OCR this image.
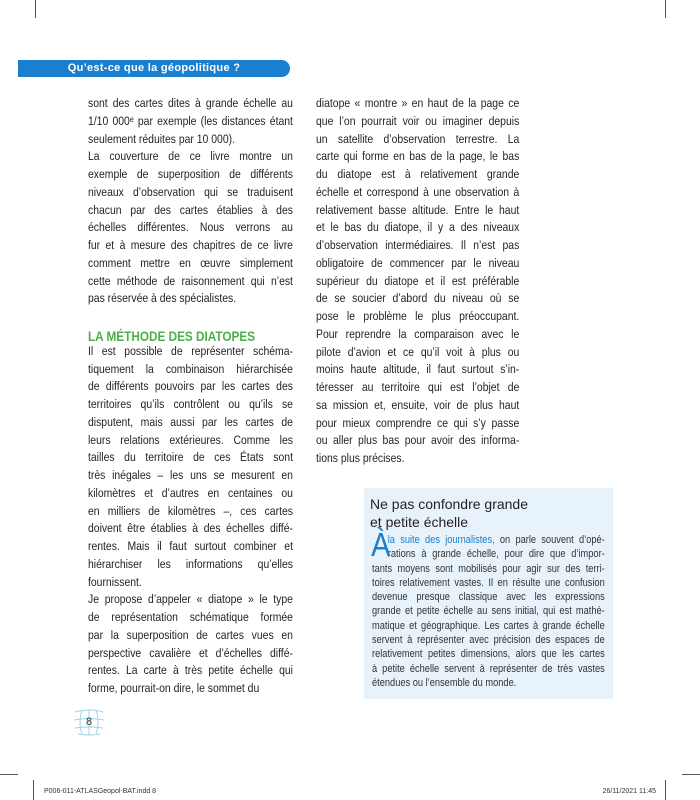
Qu’est-ce que la géopolitique ?
sont des cartes dites à grande échelle au
1/10 000ᵉ par exemple (les distances étant
seulement réduites par 10 000).
La couverture de ce livre montre un
exemple de superposition de différents
niveaux d’observation qui se traduisent
chacun par des cartes établies à des
échelles différentes. Nous verrons au
fur et à mesure des chapitres de ce livre
comment mettre en œuvre simplement
cette méthode de raisonnement qui n’est
pas réservée à des spécialistes.
LA MÉTHODE DES DIATOPES
Il est possible de représenter schéma-
tiquement la combinaison hiérarchisée
de différents pouvoirs par les cartes des
territoires qu’ils contrôlent ou qu’ils se
disputent, mais aussi par les cartes de
leurs relations extérieures. Comme les
tailles du territoire de ces États sont
très inégales – les uns se mesurent en
kilomètres et d’autres en centaines ou
en milliers de kilomètres –, ces cartes
doivent être établies à des échelles diffé-
rentes. Mais il faut surtout combiner et
hiérarchiser les informations qu’elles
fournissent.
Je propose d’appeler « diatope » le type
de représentation schématique formée
par la superposition de cartes vues en
perspective cavalière et d’échelles diffé-
rentes. La carte à très petite échelle qui
forme, pourrait-on dire, le sommet du
diatope « montre » en haut de la page ce
que l’on pourrait voir ou imaginer depuis
un satellite d’observation terrestre. La
carte qui forme en bas de la page, le bas
du diatope est à relativement grande
échelle et correspond à une observation à
relativement basse altitude. Entre le haut
et le bas du diatope, il y a des niveaux
d’observation intermédiaires. Il n’est pas
obligatoire de commencer par le niveau
supérieur du diatope et il est préférable
de se soucier d’abord du niveau où se
pose le problème le plus préoccupant.
Pour reprendre la comparaison avec le
pilote d’avion et ce qu’il voit à plus ou
moins haute altitude, il faut surtout s’in-
téresser au territoire qui est l’objet de
sa mission et, ensuite, voir de plus haut
pour mieux comprendre ce qui s’y passe
ou aller plus bas pour avoir des informa-
tions plus précises.
Ne pas confondre grande
et petite échelle
À
la suite des journalistes, on parle souvent d’opé-
rations à grande échelle, pour dire que d’impor-
tants moyens sont mobilisés pour agir sur des terri-
toires relativement vastes. Il en résulte une confusion
devenue presque classique avec les expressions
grande et petite échelle au sens initial, qui est mathé-
matique et géographique. Les cartes à grande échelle
servent à représenter avec précision des espaces de
relativement petites dimensions, alors que les cartes
à petite échelle servent à représenter de très vastes
étendues ou l’ensemble du monde.
8
P006-011-ATLASGeopol-BAT.indd 8	26/11/2021 11:45
